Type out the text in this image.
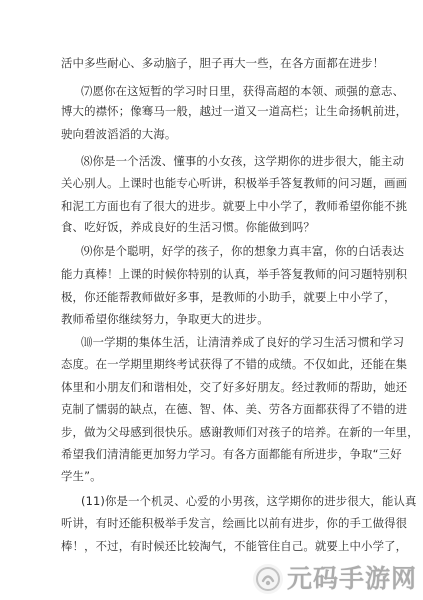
活中多些耐心、多动脑子，胆子再大一些，在各方面都在进步！
⑺愿你在这短暂的学习时日里，获得高超的本领、顽强的意志、
博大的襟怀；像骞马一般，越过一道又一道高栏；让生命扬帆前进，
驶向碧波滔滔的大海。
⑻你是一个活泼、懂事的小女孩，这学期你的进步很大，能主动
关心别人。上课时也能专心听讲，积极举手答复教师的问习题，画画
和泥工方面也有了很大的进步。就要上中小学了，教师希望你能不挑
食、吃好饭，养成良好的生活习惯。你能做到吗？
⑼你是个聪明，好学的孩子，你的想象力真丰富，你的白话表达
能力真棒！上课的时候你特别的认真，举手答复教师的问习题特别积
极，你还能帮教师做好多事，是教师的小助手，就要上中小学了，
教师希望你继续努力，争取更大的进步。
⑽一学期的集体生活，让清清养成了良好的学习生活习惯和学习
态度。在一学期里期终考试获得了不错的成绩。不仅如此，还能在集
体里和小朋友们和谐相处，交了好多好朋友。经过教师的帮助，她还
克制了懦弱的缺点，在德、智、体、美、劳各方面都获得了不错的进
步，做为父母感到很快乐。感谢教师们对孩子的培养。在新的一年里，
希望我们清清能更加努力学习。有各方面都能有所进步，争取“三好
学生”。
(11)你是一个机灵、心爱的小男孩，这学期你的进步很大，能认真
听讲，有时还能积极举手发言，绘画比以前有进步，你的手工做得很
棒！，不过，有时候还比较淘气，不能管住自己。就要上中小学了，
元码手游网
